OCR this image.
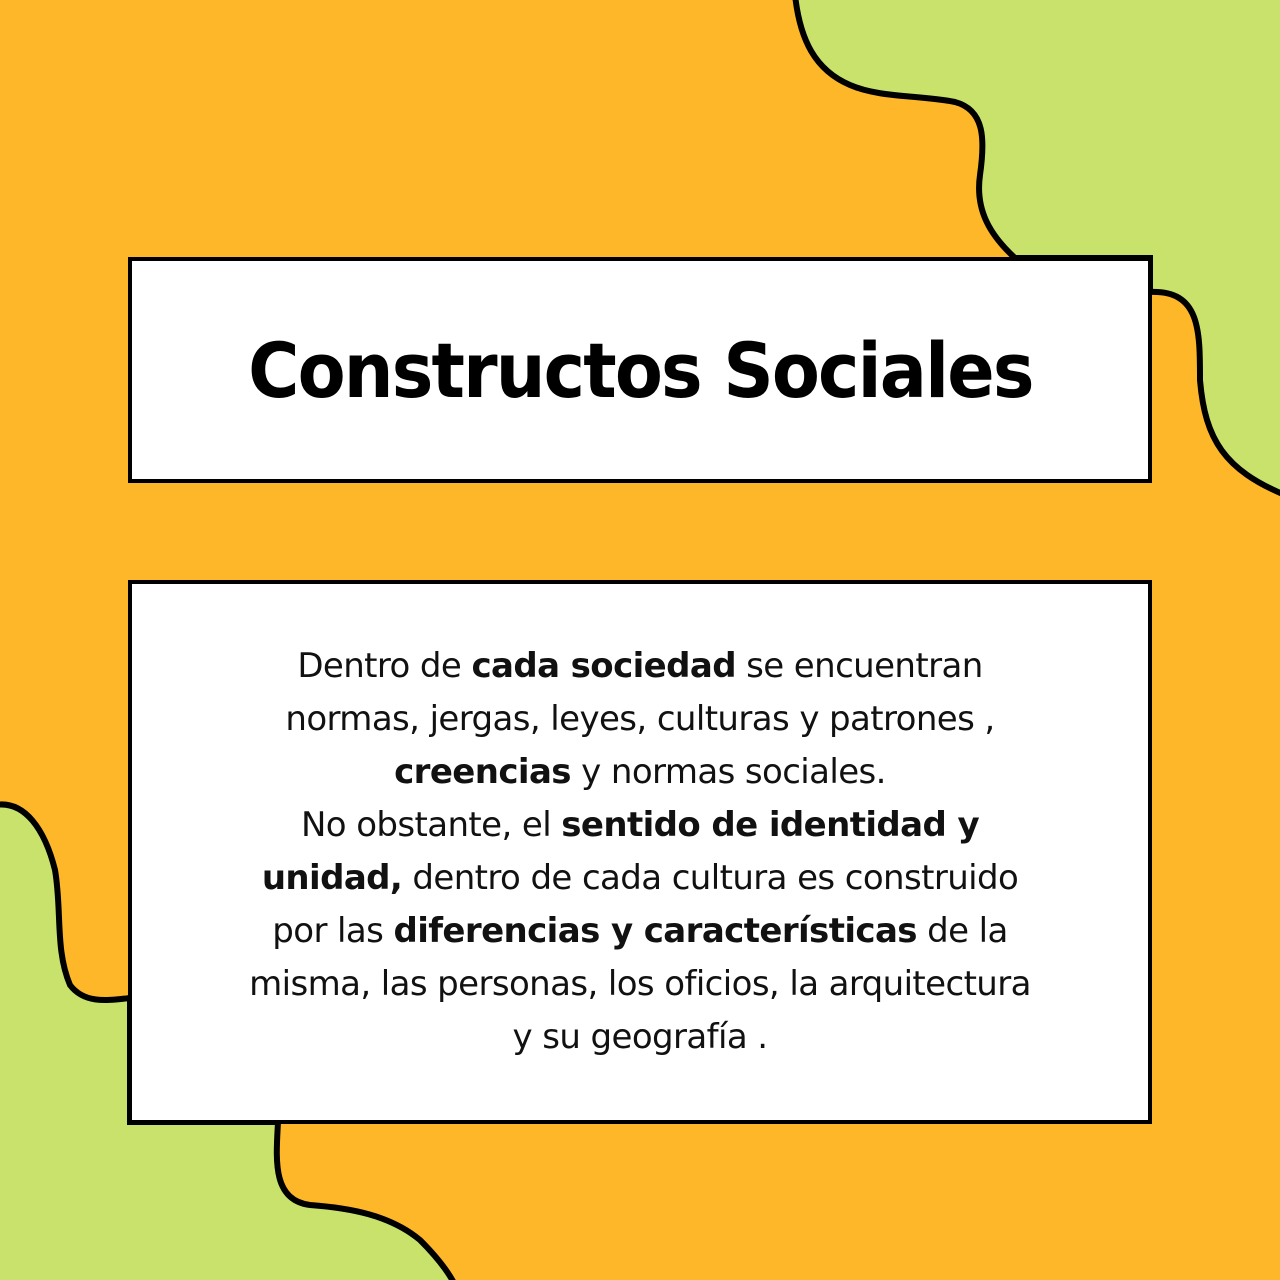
Constructos Sociales
Dentro de cada sociedad se encuentran
normas, jergas, leyes, culturas y patrones ,
creencias y normas sociales.
No obstante, el sentido de identidad y
unidad, dentro de cada cultura es construido
por las diferencias y características de la
misma, las personas, los oficios, la arquitectura
y su geografía .
